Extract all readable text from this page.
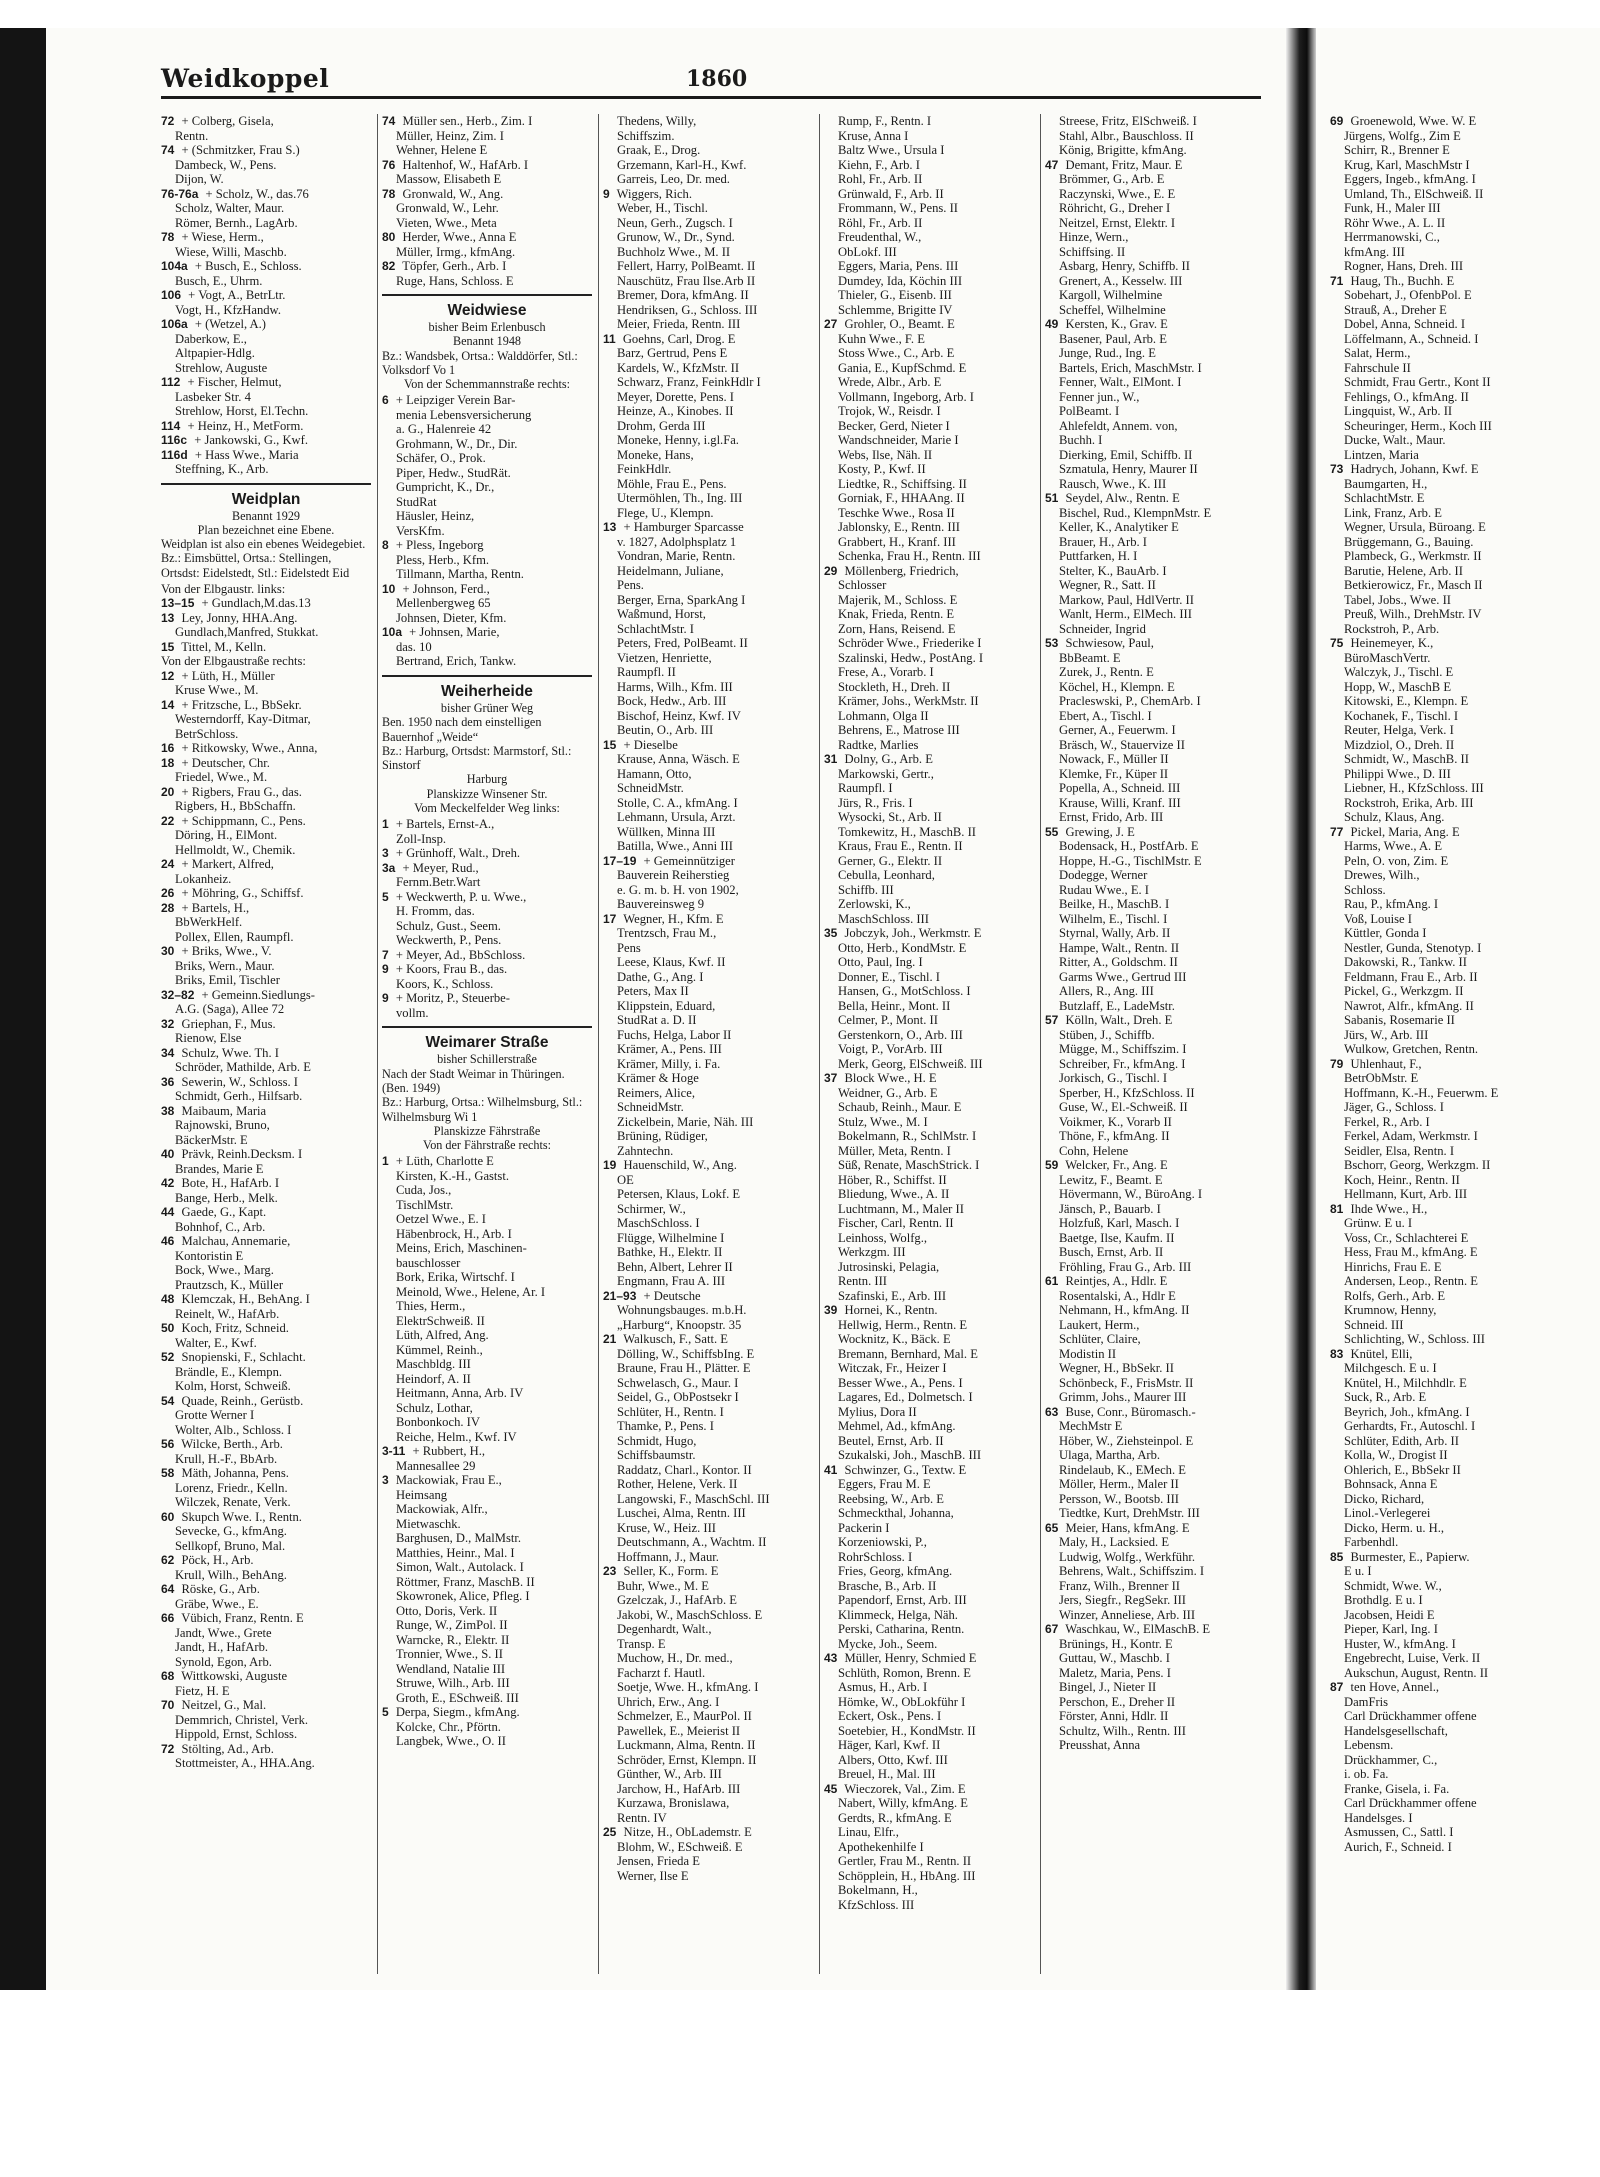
Weidkoppel	1860
72 + Colberg, Gisela,
Rentn.
74 + (Schmitzker, Frau S.)
Dambeck, W., Pens.
Dijon, W.
76-76a + Scholz, W., das.76
Scholz, Walter, Maur.
Römer, Bernh., LagArb.
78 + Wiese, Herm.,
Wiese, Willi, Maschb.
104a + Busch, E., Schloss.
Busch, E., Uhrm.
106 + Vogt, A., BetrLtr.
Vogt, H., KfzHandw.
106a + (Wetzel, A.)
Daberkow, E.,
Altpapier-Hdlg.
Strehlow, Auguste
112 + Fischer, Helmut,
Lasbeker Str. 4
Strehlow, Horst, El.Techn.
114 + Heinz, H., MetForm.
116c + Jankowski, G., Kwf.
116d + Hass Wwe., Maria
Steffning, K., Arb.
Weidplan
Benannt 1929
Plan bezeichnet eine Ebene.
Weidplan ist also ein ebenes Weidegebiet.
Bz.: Eimsbüttel, Ortsa.: Stellingen, Ortsdst: Eidelstedt, Stl.: Eidelstedt Eid
Von der Elbgaustr. links:
13–15 + Gundlach,M.das.13
13 Ley, Jonny, HHA.Ang.
Gundlach,Manfred, Stukkat.
15 Tittel, M., Kelln.
Von der Elbgaustraße rechts:
12 + Lüth, H., Müller
Kruse Wwe., M.
14 + Fritzsche, L., BbSekr.
Westerndorff, Kay-Ditmar,
BetrSchloss.
16 + Ritkowsky, Wwe., Anna,
18 + Deutscher, Chr.
Friedel, Wwe., M.
20 + Rigbers, Frau G., das.
Rigbers, H., BbSchaffn.
22 + Schippmann, C., Pens.
Döring, H., ElMont.
Hellmoldt, W., Chemik.
24 + Markert, Alfred,
Lokanheiz.
26 + Möhring, G., Schiffsf.
28 + Bartels, H.,
BbWerkHelf.
Pollex, Ellen, Raumpfl.
30 + Briks, Wwe., V.
Briks, Wern., Maur.
Briks, Emil, Tischler
32–82 + Gemeinn.Siedlungs-
A.G. (Saga), Allee 72
32 Griephan, F., Mus.
Rienow, Else
34 Schulz, Wwe. Th. I
Schröder, Mathilde, Arb. E
36 Sewerin, W., Schloss. I
Schmidt, Gerh., Hilfsarb.
38 Maibaum, Maria
Rajnowski, Bruno,
BäckerMstr. E
40 Prävk, Reinh.Decksm. I
Brandes, Marie E
42 Bote, H., HafArb. I
Bange, Herb., Melk.
44 Gaede, G., Kapt.
Bohnhof, C., Arb.
46 Malchau, Annemarie,
Kontoristin E
Bock, Wwe., Marg.
Prautzsch, K., Müller
48 Klemczak, H., BehAng. I
Reinelt, W., HafArb.
50 Koch, Fritz, Schneid.
Walter, E., Kwf.
52 Snopienski, F., Schlacht.
Brändle, E., Klempn.
Kolm, Horst, Schweiß.
54 Quade, Reinh., Gerüstb.
Grotte Werner I
Wolter, Alb., Schloss. I
56 Wilcke, Berth., Arb.
Krull, H.-F., BbArb.
58 Mäth, Johanna, Pens.
Lorenz, Friedr., Kelln.
Wilczek, Renate, Verk.
60 Skupch Wwe. I., Rentn.
Sevecke, G., kfmAng.
Sellkopf, Bruno, Mal.
62 Pöck, H., Arb.
Krull, Wilh., BehAng.
64 Röske, G., Arb.
Gräbe, Wwe., E.
66 Vübich, Franz, Rentn. E
Jandt, Wwe., Grete
Jandt, H., HafArb.
Synold, Egon, Arb.
68 Wittkowski, Auguste
Fietz, H. E
70 Neitzel, G., Mal.
Demmrich, Christel, Verk.
Hippold, Ernst, Schloss.
72 Stölting, Ad., Arb.
Stottmeister, A., HHA.Ang.
74 Müller sen., Herb., Zim. I
Müller, Heinz, Zim. I
Wehner, Helene E
76 Haltenhof, W., HafArb. I
Massow, Elisabeth E
78 Gronwald, W., Ang.
Gronwald, W., Lehr.
Vieten, Wwe., Meta
80 Herder, Wwe., Anna E
Müller, Irmg., kfmAng.
82 Töpfer, Gerh., Arb. I
Ruge, Hans, Schloss. E
Weidwiese
bisher Beim Erlenbusch
Benannt 1948
Bz.: Wandsbek, Ortsa.: Walddörfer, Stl.: Volksdorf Vo 1
Von der Schemmannstraße rechts:
6 + Leipziger Verein Bar-
menia Lebensversicherung
a. G., Halenreie 42
Grohmann, W., Dr., Dir.
Schäfer, O., Prok.
Piper, Hedw., StudRät.
Gumpricht, K., Dr.,
StudRat
Häusler, Heinz,
VersKfm.
8 + Pless, Ingeborg
Pless, Herb., Kfm.
Tillmann, Martha, Rentn.
10 + Johnson, Ferd.,
Mellenbergweg 65
Johnsen, Dieter, Kfm.
10a + Johnsen, Marie,
das. 10
Bertrand, Erich, Tankw.
Weiherheide
bisher Grüner Weg
Ben. 1950 nach dem einstelligen Bauernhof „Weide“
Bz.: Harburg, Ortsdst: Marmstorf, Stl.: Sinstorf
Harburg
Planskizze Winsener Str.
Vom Meckelfelder Weg links:
1 + Bartels, Ernst-A.,
Zoll-Insp.
3 + Grünhoff, Walt., Dreh.
3a + Meyer, Rud.,
Fernm.Betr.Wart
5 + Weckwerth, P. u. Wwe.,
H. Fromm, das.
Schulz, Gust., Seem.
Weckwerth, P., Pens.
7 + Meyer, Ad., BbSchloss.
9 + Koors, Frau B., das.
Koors, K., Schloss.
9 + Moritz, P., Steuerbe-
vollm.
Weimarer Straße
bisher Schillerstraße
Nach der Stadt Weimar in Thüringen. (Ben. 1949)
Bz.: Harburg, Ortsa.: Wilhelmsburg, Stl.: Wilhelmsburg Wi 1
Planskizze Fährstraße
Von der Fährstraße rechts:
1 + Lüth, Charlotte E
Kirsten, K.-H., Gastst.
Cuda, Jos.,
TischlMstr.
Oetzel Wwe., E. I
Häbenbrock, H., Arb. I
Meins, Erich, Maschinen-
bauschlosser
Bork, Erika, Wirtschf. I
Meinold, Wwe., Helene, Ar. I
Thies, Herm.,
ElektrSchweiß. II
Lüth, Alfred, Ang.
Kümmel, Reinh.,
Maschbldg. III
Heindorf, A. II
Heitmann, Anna, Arb. IV
Schulz, Lothar,
Bonbonkoch. IV
Reiche, Helm., Kwf. IV
3-11 + Rubbert, H.,
Mannesallee 29
3 Mackowiak, Frau E.,
Heimsang
Mackowiak, Alfr.,
Mietwaschk.
Barghusen, D., MalMstr.
Matthies, Heinr., Mal. I
Simon, Walt., Autolack. I
Röttmer, Franz, MaschB. II
Skowronek, Alice, Pfleg. I
Otto, Doris, Verk. II
Runge, W., ZimPol. II
Warncke, R., Elektr. II
Tronnier, Wwe., S. II
Wendland, Natalie III
Struwe, Wilh., Arb. III
Groth, E., ESchweiß. III
5 Derpa, Siegm., kfmAng.
Kolcke, Chr., Pförtn.
Langbek, Wwe., O. II
Thedens, Willy,
Schiffszim.
Graak, E., Drog.
Grzemann, Karl-H., Kwf.
Garreis, Leo, Dr. med.
9 Wiggers, Rich.
Weber, H., Tischl.
Neun, Gerh., Zugsch. I
Grunow, W., Dr., Synd.
Buchholz Wwe., M. II
Fellert, Harry, PolBeamt. II
Nauschütz, Frau Ilse.Arb II
Bremer, Dora, kfmAng. II
Hendriksen, G., Schloss. III
Meier, Frieda, Rentn. III
11 Goehns, Carl, Drog. E
Barz, Gertrud, Pens E
Kardels, W., KfzMstr. II
Schwarz, Franz, FeinkHdlr I
Meyer, Dorette, Pens. I
Heinze, A., Kinobes. II
Drohm, Gerda III
Moneke, Henny, i.gl.Fa.
Moneke, Hans,
FeinkHdlr.
Möhle, Frau E., Pens.
Utermöhlen, Th., Ing. III
Flege, U., Klempn.
13 + Hamburger Sparcasse
v. 1827, Adolphsplatz 1
Vondran, Marie, Rentn.
Heidelmann, Juliane,
Pens.
Berger, Erna, SparkAng I
Waßmund, Horst,
SchlachtMstr. I
Peters, Fred, PolBeamt. II
Vietzen, Henriette,
Raumpfl. II
Harms, Wilh., Kfm. III
Bock, Hedw., Arb. III
Bischof, Heinz, Kwf. IV
Beutin, O., Arb. III
15 + Dieselbe
Krause, Anna, Wäsch. E
Hamann, Otto,
SchneidMstr.
Stolle, C. A., kfmAng. I
Lehmann, Ursula, Arzt.
Wüllken, Minna III
Batilla, Wwe., Anni III
17–19 + Gemeinnütziger
Bauverein Reiherstieg
e. G. m. b. H. von 1902,
Bauvereinsweg 9
17 Wegner, H., Kfm. E
Trentzsch, Frau M.,
Pens
Leese, Klaus, Kwf. II
Dathe, G., Ang. I
Peters, Max II
Klippstein, Eduard,
StudRat a. D. II
Fuchs, Helga, Labor II
Krämer, A., Pens. III
Krämer, Milly, i. Fa.
Krämer & Hoge
Reimers, Alice,
SchneidMstr.
Zickelbein, Marie, Näh. III
Brüning, Rüdiger,
Zahntechn.
19 Hauenschild, W., Ang.
OE
Petersen, Klaus, Lokf. E
Schirmer, W.,
MaschSchloss. I
Flügge, Wilhelmine I
Bathke, H., Elektr. II
Behn, Albert, Lehrer II
Engmann, Frau A. III
21–93 + Deutsche
Wohnungsbauges. m.b.H.
„Harburg“, Knoopstr. 35
21 Walkusch, F., Satt. E
Dölling, W., SchiffsbIng. E
Braune, Frau H., Plätter. E
Schwelasch, G., Maur. I
Seidel, G., ObPostsekr I
Schlüter, H., Rentn. I
Thamke, P., Pens. I
Schmidt, Hugo,
Schiffsbaumstr.
Raddatz, Charl., Kontor. II
Rother, Helene, Verk. II
Langowski, F., MaschSchl. III
Luschei, Alma, Rentn. III
Kruse, W., Heiz. III
Deutschmann, A., Wachtm. II
Hoffmann, J., Maur.
23 Seller, K., Form. E
Buhr, Wwe., M. E
Gzelczak, J., HafArb. E
Jakobi, W., MaschSchloss. E
Degenhardt, Walt.,
Transp. E
Muchow, H., Dr. med.,
Facharzt f. Hautl.
Soetje, Wwe. H., kfmAng. I
Uhrich, Erw., Ang. I
Schmelzer, E., MaurPol. II
Pawellek, E., Meierist II
Luckmann, Alma, Rentn. II
Schröder, Ernst, Klempn. II
Günther, W., Arb. III
Jarchow, H., HafArb. III
Kurzawa, Bronislawa,
Rentn. IV
25 Nitze, H., ObLademstr. E
Blohm, W., ESchweiß. E
Jensen, Frieda E
Werner, Ilse E
Rump, F., Rentn. I
Kruse, Anna I
Baltz Wwe., Ursula I
Kiehn, F., Arb. I
Rohl, Fr., Arb. II
Grünwald, F., Arb. II
Frommann, W., Pens. II
Röhl, Fr., Arb. II
Freudenthal, W.,
ObLokf. III
Eggers, Maria, Pens. III
Dumdey, Ida, Köchin III
Thieler, G., Eisenb. III
Schlemme, Brigitte IV
27 Grohler, O., Beamt. E
Kuhn Wwe., F. E
Stoss Wwe., C., Arb. E
Gania, E., KupfSchmd. E
Wrede, Albr., Arb. E
Vollmann, Ingeborg, Arb. I
Trojok, W., Reisdr. I
Becker, Gerd, Nieter I
Wandschneider, Marie I
Webs, Ilse, Näh. II
Kosty, P., Kwf. II
Liedtke, R., Schiffsing. II
Gorniak, F., HHAAng. II
Teschke Wwe., Rosa II
Jablonsky, E., Rentn. III
Grabbert, H., Kranf. III
Schenka, Frau H., Rentn. III
29 Möllenberg, Friedrich,
Schlosser
Majerik, M., Schloss. E
Knak, Frieda, Rentn. E
Zorn, Hans, Reisend. E
Schröder Wwe., Friederike I
Szalinski, Hedw., PostAng. I
Frese, A., Vorarb. I
Stockleth, H., Dreh. II
Krämer, Johs., WerkMstr. II
Lohmann, Olga II
Behrens, E., Matrose III
Radtke, Marlies
31 Dolny, G., Arb. E
Markowski, Gertr.,
Raumpfl. I
Jürs, R., Fris. I
Wysocki, St., Arb. II
Tomkewitz, H., MaschB. II
Kraus, Frau E., Rentn. II
Gerner, G., Elektr. II
Cebulla, Leonhard,
Schiffb. III
Zerlowski, K.,
MaschSchloss. III
35 Jobczyk, Joh., Werkmstr. E
Otto, Herb., KondMstr. E
Otto, Paul, Ing. I
Donner, E., Tischl. I
Hansen, G., MotSchloss. I
Bella, Heinr., Mont. II
Celmer, P., Mont. II
Gerstenkorn, O., Arb. III
Voigt, P., VorArb. III
Merk, Georg, ElSchweiß. III
37 Block Wwe., H. E
Weidner, G., Arb. E
Schaub, Reinh., Maur. E
Stulz, Wwe., M. I
Bokelmann, R., SchlMstr. I
Müller, Meta, Rentn. I
Süß, Renate, MaschStrick. I
Höber, R., Schiffst. II
Bliedung, Wwe., A. II
Luchtmann, M., Maler II
Fischer, Carl, Rentn. II
Leinhoss, Wolfg.,
Werkzgm. III
Jutrosinski, Pelagia,
Rentn. III
Szafinski, E., Arb. III
39 Hornei, K., Rentn.
Hellwig, Herm., Rentn. E
Wocknitz, K., Bäck. E
Bremann, Bernhard, Mal. E
Witczak, Fr., Heizer I
Besser Wwe., A., Pens. I
Lagares, Ed., Dolmetsch. I
Mylius, Dora II
Mehmel, Ad., kfmAng.
Beutel, Ernst, Arb. II
Szukalski, Joh., MaschB. III
41 Schwinzer, G., Textw. E
Eggers, Frau M. E
Reebsing, W., Arb. E
Schmeckthal, Johanna,
Packerin I
Korzeniowski, P.,
RohrSchloss. I
Fries, Georg, kfmAng.
Brasche, B., Arb. II
Papendorf, Ernst, Arb. III
Klimmeck, Helga, Näh.
Perski, Catharina, Rentn.
Mycke, Joh., Seem.
43 Müller, Henry, Schmied E
Schlüth, Romon, Brenn. E
Asmus, H., Arb. I
Hömke, W., ObLokführ I
Eckert, Osk., Pens. I
Soetebier, H., KondMstr. II
Häger, Karl, Kwf. II
Albers, Otto, Kwf. III
Breuel, H., Mal. III
45 Wieczorek, Val., Zim. E
Nabert, Willy, kfmAng. E
Gerdts, R., kfmAng. E
Linau, Elfr.,
Apothekenhilfe I
Gertler, Frau M., Rentn. II
Schöpplein, H., HbAng. III
Bokelmann, H.,
KfzSchloss. III
Streese, Fritz, ElSchweiß. I
Stahl, Albr., Bauschloss. II
König, Brigitte, kfmAng.
47 Demant, Fritz, Maur. E
Brömmer, G., Arb. E
Raczynski, Wwe., E. E
Röhricht, G., Dreher I
Neitzel, Ernst, Elektr. I
Hinze, Wern.,
Schiffsing. II
Asbarg, Henry, Schiffb. II
Grenert, A., Kesselw. III
Kargoll, Wilhelmine
Scheffel, Wilhelmine
49 Kersten, K., Grav. E
Basener, Paul, Arb. E
Junge, Rud., Ing. E
Bartels, Erich, MaschMstr. I
Fenner, Walt., ElMont. I
Fenner jun., W.,
PolBeamt. I
Ahlefeldt, Annem. von,
Buchh. I
Dierking, Emil, Schiffb. II
Szmatula, Henry, Maurer II
Rausch, Wwe., K. III
51 Seydel, Alw., Rentn. E
Bischel, Rud., KlempnMstr. E
Keller, K., Analytiker E
Brauer, H., Arb. I
Puttfarken, H. I
Stelter, K., BauArb. I
Wegner, R., Satt. II
Markow, Paul, HdlVertr. II
Wanlt, Herm., ElMech. III
Schneider, Ingrid
53 Schwiesow, Paul,
BbBeamt. E
Zurek, J., Rentn. E
Köchel, H., Klempn. E
Pracleswski, P., ChemArb. I
Ebert, A., Tischl. I
Gerner, A., Feuerwm. I
Bräsch, W., Stauervize II
Nowack, F., Müller II
Klemke, Fr., Küper II
Popella, A., Schneid. III
Krause, Willi, Kranf. III
Ernst, Frido, Arb. III
55 Grewing, J. E
Bodensack, H., PostfArb. E
Hoppe, H.-G., TischlMstr. E
Dodegge, Werner
Rudau Wwe., E. I
Beilke, H., MaschB. I
Wilhelm, E., Tischl. I
Styrnal, Wally, Arb. II
Hampe, Walt., Rentn. II
Ritter, A., Goldschm. II
Garms Wwe., Gertrud III
Allers, R., Ang. III
Butzlaff, E., LadeMstr.
57 Kölln, Walt., Dreh. E
Stüben, J., Schiffb.
Mügge, M., Schiffszim. I
Schreiber, Fr., kfmAng. I
Jorkisch, G., Tischl. I
Sperber, H., KfzSchloss. II
Guse, W., El.-Schweiß. II
Voikmer, K., Vorarb II
Thöne, F., kfmAng. II
Cohn, Helene
59 Welcker, Fr., Ang. E
Lewitz, F., Beamt. E
Hövermann, W., BüroAng. I
Jänsch, P., Bauarb. I
Holzfuß, Karl, Masch. I
Baetge, Ilse, Kaufm. II
Busch, Ernst, Arb. II
Fröhling, Frau G., Arb. III
61 Reintjes, A., Hdlr. E
Rosentalski, A., Hdlr E
Nehmann, H., kfmAng. II
Laukert, Herm.,
Schlüter, Claire,
Modistin II
Wegner, H., BbSekr. II
Schönbeck, F., FrisMstr. II
Grimm, Johs., Maurer III
63 Buse, Conr., Büromasch.-
MechMstr E
Höber, W., Ziehsteinpol. E
Ulaga, Martha, Arb.
Rindelaub, K., EMech. E
Möller, Herm., Maler II
Persson, W., Bootsb. III
Tiedtke, Kurt, DrehMstr. III
65 Meier, Hans, kfmAng. E
Maly, H., Lacksied. E
Ludwig, Wolfg., Werkführ.
Behrens, Walt., Schiffszim. I
Franz, Wilh., Brenner II
Jers, Siegfr., RegSekr. III
Winzer, Anneliese, Arb. III
67 Waschkau, W., ElMaschB. E
Brünings, H., Kontr. E
Guttau, W., Maschb. I
Maletz, Maria, Pens. I
Bingel, J., Nieter II
Perschon, E., Dreher II
Förster, Anni, Hdlr. II
Schultz, Wilh., Rentn. III
Preusshat, Anna
69 Groenewold, Wwe. W. E
Jürgens, Wolfg., Zim E
Schirr, R., Brenner E
Krug, Karl, MaschMstr I
Eggers, Ingeb., kfmAng. I
Umland, Th., ElSchweiß. II
Funk, H., Maler III
Röhr Wwe., A. L. II
Herrmanowski, C.,
kfmAng. III
Rogner, Hans, Dreh. III
71 Haug, Th., Buchh. E
Sobehart, J., OfenbPol. E
Strauß, A., Dreher E
Dobel, Anna, Schneid. I
Löffelmann, A., Schneid. I
Salat, Herm.,
Fahrschule II
Schmidt, Frau Gertr., Kont II
Fehlings, O., kfmAng. II
Lingquist, W., Arb. II
Scheuringer, Herm., Koch III
Ducke, Walt., Maur.
Lintzen, Maria
73 Hadrych, Johann, Kwf. E
Baumgarten, H.,
SchlachtMstr. E
Link, Franz, Arb. E
Wegner, Ursula, Büroang. E
Brüggemann, G., Bauing.
Plambeck, G., Werkmstr. II
Barutie, Helene, Arb. II
Betkierowicz, Fr., Masch II
Tabel, Jobs., Wwe. II
Preuß, Wilh., DrehMstr. IV
Rockstroh, P., Arb.
75 Heinemeyer, K.,
BüroMaschVertr.
Walczyk, J., Tischl. E
Hopp, W., MaschB E
Kitowski, E., Klempn. E
Kochanek, F., Tischl. I
Reuter, Helga, Verk. I
Mizdziol, O., Dreh. II
Schmidt, W., MaschB. II
Philippi Wwe., D. III
Liebner, H., KfzSchloss. III
Rockstroh, Erika, Arb. III
Schulz, Klaus, Ang.
77 Pickel, Maria, Ang. E
Harms, Wwe., A. E
Peln, O. von, Zim. E
Drewes, Wilh.,
Schloss.
Rau, P., kfmAng. I
Voß, Louise I
Küttler, Gonda I
Nestler, Gunda, Stenotyp. I
Dakowski, R., Tankw. II
Feldmann, Frau E., Arb. II
Pickel, G., Werkzgm. II
Nawrot, Alfr., kfmAng. II
Sabanis, Rosemarie II
Jürs, W., Arb. III
Wulkow, Gretchen, Rentn.
79 Uhlenhaut, F.,
BetrObMstr. E
Hoffmann, K.-H., Feuerwm. E
Jäger, G., Schloss. I
Ferkel, R., Arb. I
Ferkel, Adam, Werkmstr. I
Seidler, Elsa, Rentn. I
Bschorr, Georg, Werkzgm. II
Koch, Heinr., Rentn. II
Hellmann, Kurt, Arb. III
81 Ihde Wwe., H.,
Grünw. E u. I
Voss, Cr., Schlachterei E
Hess, Frau M., kfmAng. E
Hinrichs, Frau E. E
Andersen, Leop., Rentn. E
Rolfs, Gerh., Arb. E
Krumnow, Henny,
Schneid. III
Schlichting, W., Schloss. III
83 Knütel, Elli,
Milchgesch. E u. I
Knütel, H., Milchhdlr. E
Suck, R., Arb. E
Beyrich, Joh., kfmAng. I
Gerhardts, Fr., Autoschl. I
Schlüter, Edith, Arb. II
Kolla, W., Drogist II
Ohlerich, E., BbSekr II
Bohnsack, Anna E
Dicko, Richard,
Linol.-Verlegerei
Dicko, Herm. u. H.,
Farbenhdl.
85 Burmester, E., Papierw.
E u. I
Schmidt, Wwe. W.,
Brothdlg. E u. I
Jacobsen, Heidi E
Pieper, Karl, Ing. I
Huster, W., kfmAng. I
Engebrecht, Luise, Verk. II
Aukschun, August, Rentn. II
87 ten Hove, Annel.,
DamFris
Carl Drückhammer offene
Handelsgesellschaft,
Lebensm.
Drückhammer, C.,
i. ob. Fa.
Franke, Gisela, i. Fa.
Carl Drückhammer offene
Handelsges. I
Asmussen, C., Sattl. I
Aurich, F., Schneid. I
